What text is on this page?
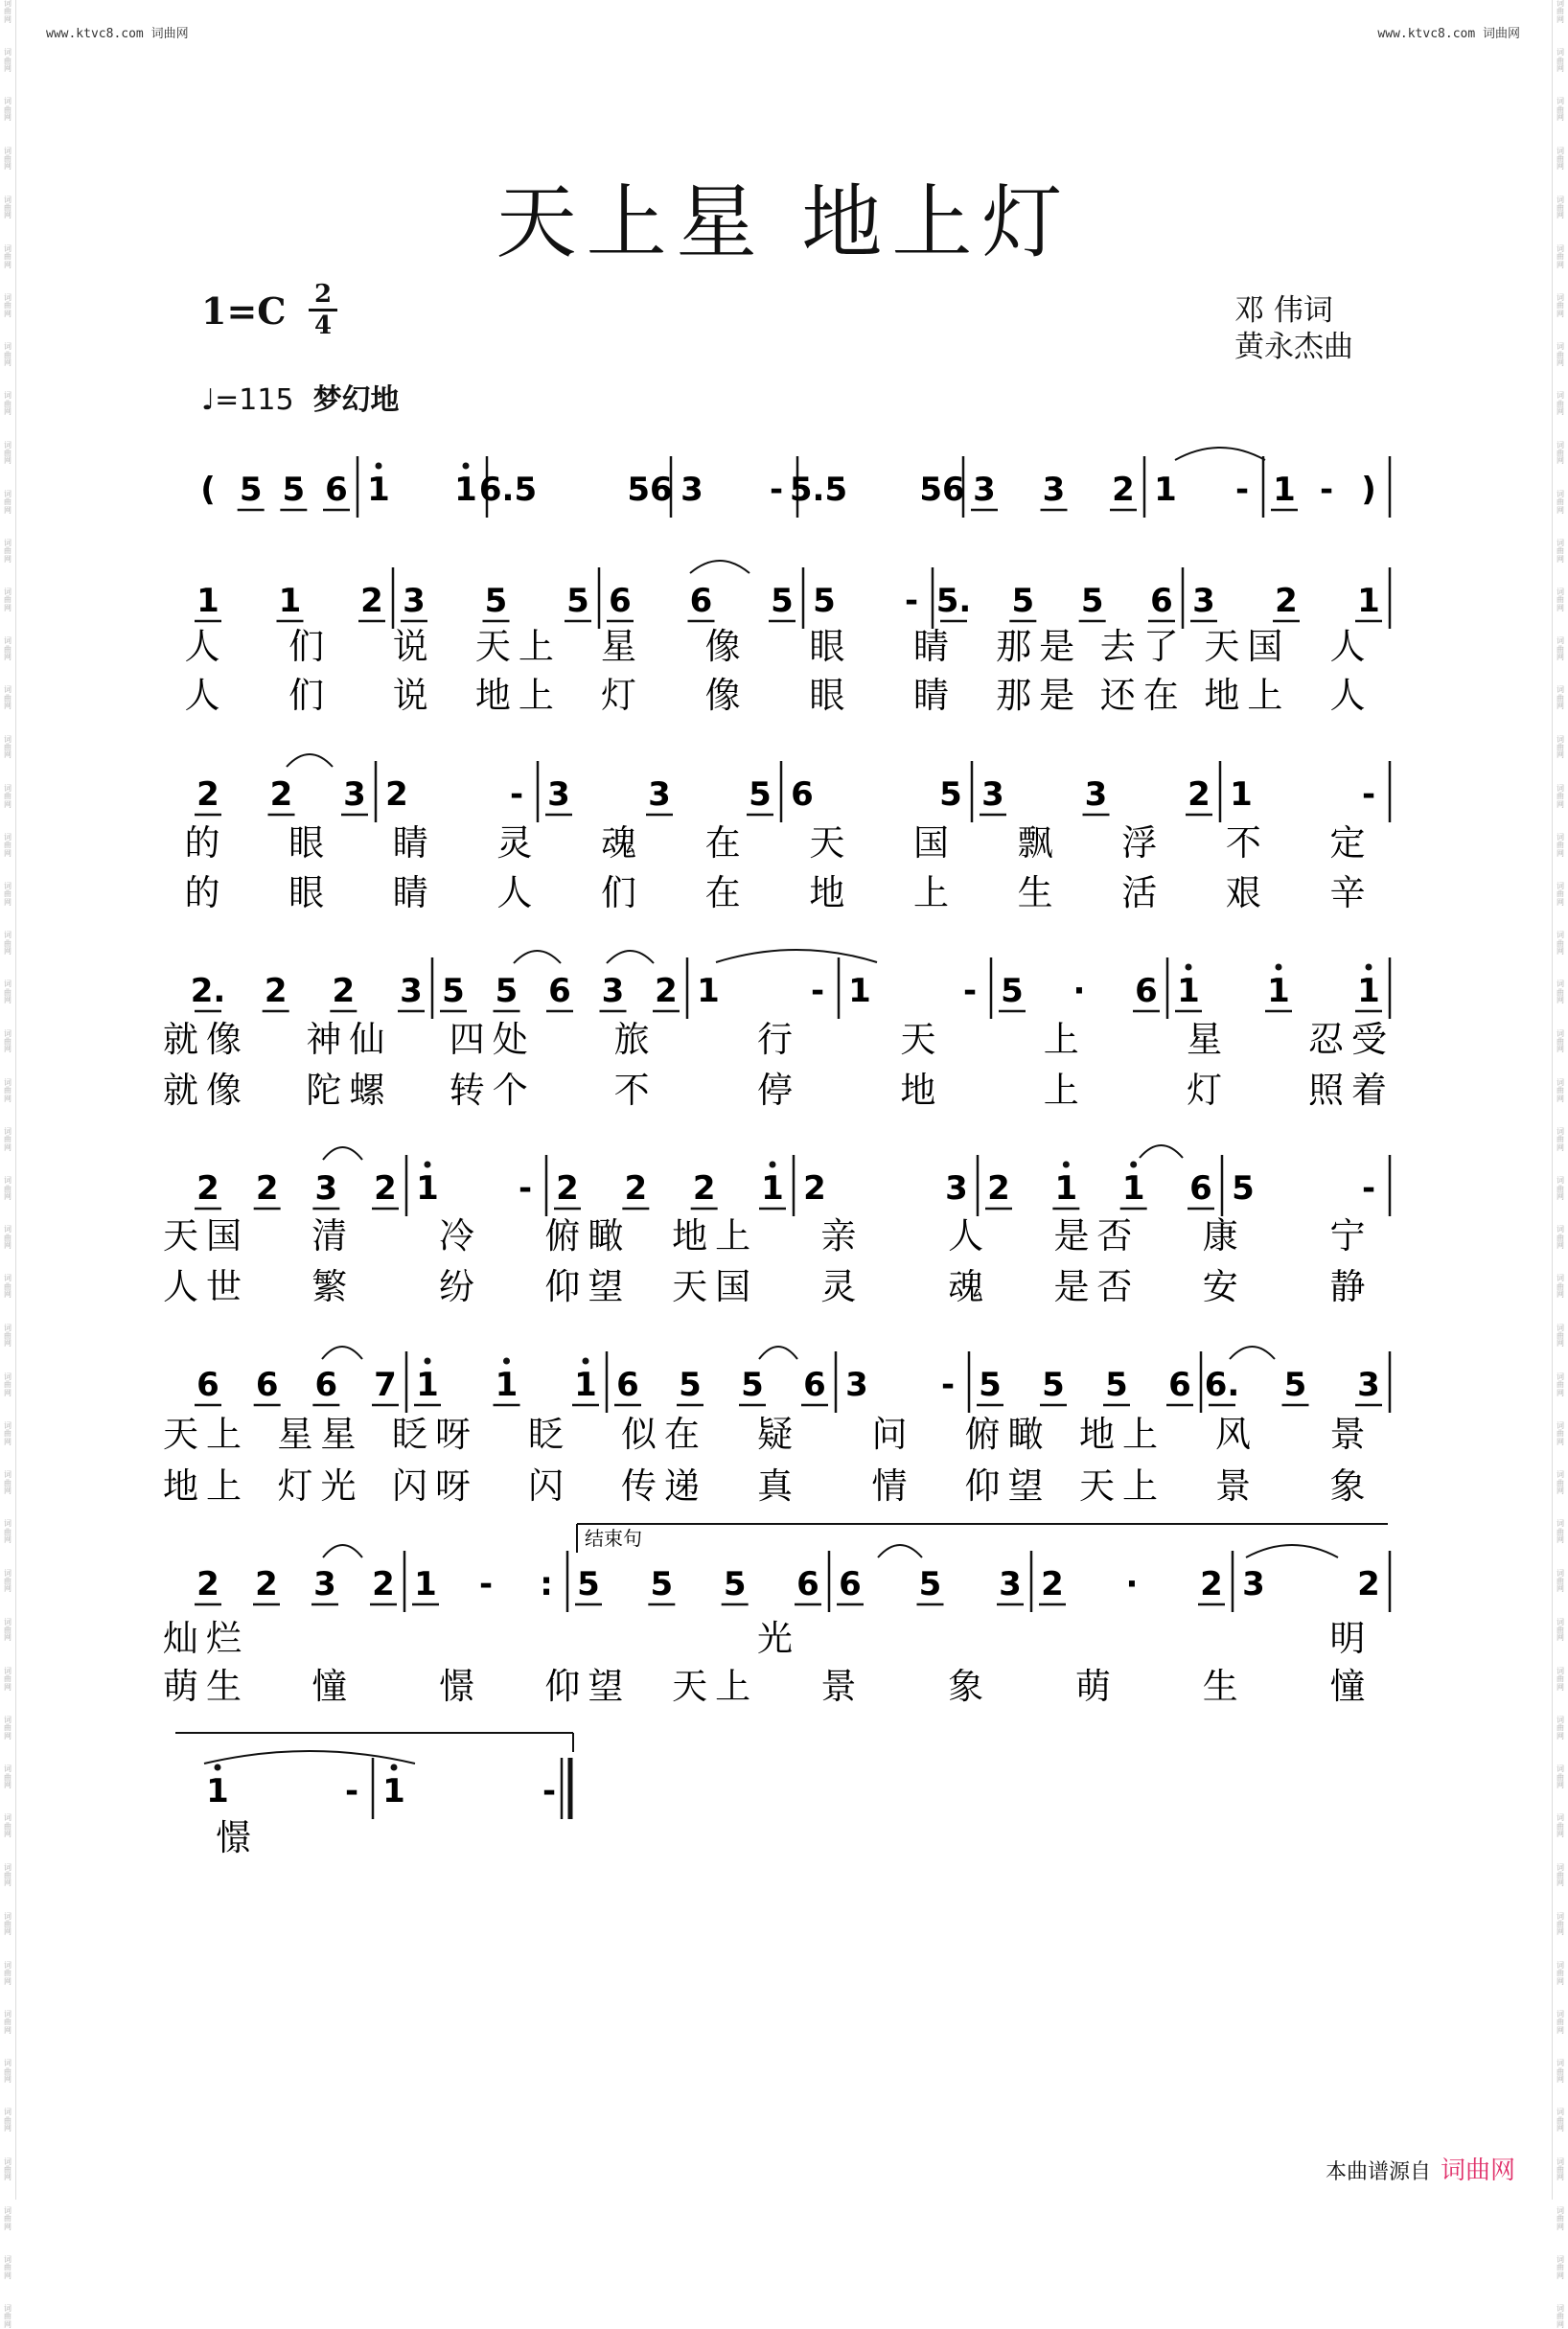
www.ktvc8.com 词曲网	www.ktvc8.com 词曲网
词
曲
网
词
曲
网
词
曲
网
词
曲
网
词
曲
网
词
曲
网
词
曲
网
词
曲
网
词
曲
网
词
曲
网
词
曲
网
词
曲
网
词
曲
网
词
曲
网
词
曲
网
词
曲
网
词
曲
网
词
曲
网
词
曲
网
词
曲
网
词
曲
网
词
曲
网
词
曲
网
词
曲
网
词
曲
网
词
曲
网
词
曲
网
词
曲
网
词
曲
网
词
曲
网
词
曲
网
词
曲
网
词
曲
网
词
曲
网
词
曲
网
词
曲
网
词
曲
网
词
曲
网
词
曲
网
词
曲
网
词
曲
网
词
曲
网
词
曲
网
词
曲
网
词
曲
网
词
曲
网
词
曲
网
词
曲
网
词
曲
网
词
曲
网
词
曲
网
词
曲
网
词
曲
网
词
曲
网
词
曲
网
词
曲
网
词
曲
网
词
曲
网
词
曲
网
词
曲
网
词
曲
网
词
曲
网
词
曲
网
词
曲
网
词
曲
网
词
曲
网
词
曲
网
词
曲
网
词
曲
网
词
曲
网
词
曲
网
词
曲
网
词
曲
网
词
曲
网
词
曲
网
词
曲
网
词
曲
网
词
曲
网
词
曲
网
词
曲
网
词
曲
网
词
曲
网
词
曲
网
词
曲
网
词
曲
网
词
曲
网
词
曲
网
词
曲
网
词
曲
网
词
曲
网
词
曲
网
词
曲
网
词
曲
网
词
曲
网
词
曲
网
词
曲
网
天上星 地上灯
$1=C \frac{2}{4}$
♩=115 梦幻地
邓 伟词
黄永杰曲
( 5 5 6 1 1 6.5	56 3 - 5.5 56 3 3 2 1 - 1 - )
1 1 2 3 5 5 6 6 5 5 - 5. 5 5 6 3 2 1
人 们 说 天上 星 像 眼 睛 那是 去了 天国 人
人 们 说 地上 灯 像 眼 睛 那是 还在 地上 人
2 2 3 2	- 3 3 5 6	5 3 3 2 1	-
的 眼 睛 灵 魂 在 天 国 飘 浮 不 定
的 眼 睛 人 们 在 地 上 生 活 艰 辛
2. 2 2 3 5 5 6 3 2 1	- 1	- 5 · 6 1 1 1
就像 神仙 四处 旅	行	天	上	星 忍受
就像 陀螺 转个 不	停	地	上	灯 照着
2 2 3 2 1 - 2 2 2 1 2	3 2 1 1 6 5	-
天国 清 冷 俯瞰 地上 亲 人 是否 康 宁
人世 繁 纷 仰望 天国 灵 魂 是否 安 静
6 6 6 7 1 1 1 6 5 5 6 3 - 5 5 5 6 6. 5 3
天上 星星 眨呀 眨 似在 疑 问 俯瞰 地上 风 景
地上 灯光 闪呀 闪 传递 真 情 仰望 天上 景 象
2 2 3 2 1 - : 5 5 5 6 6 5 3 2 · 2 3	2
灿烂	光	明
萌生 憧 憬 仰望 天上 景 象 萌 生 憧
1	- 1	-
憬
结束句
本曲谱源自 词曲网
